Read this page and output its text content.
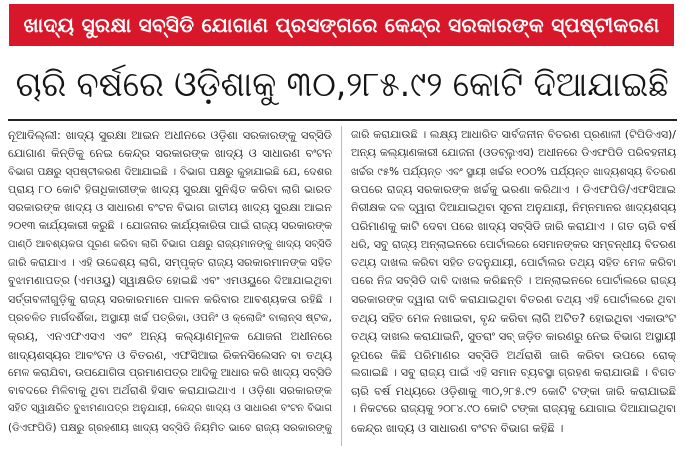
ଖାଦ୍ୟ ସୁରକ୍ଷା ସବ୍‌ସିଡି ଯୋଗାଣ ପ୍ରସଙ୍ଗରେ କେନ୍ଦ୍ର ସରକାରଙ୍କ ସ୍ପଷ୍ଟୀକରଣ
ଚାରି ବର୍ଷରେ ଓଡ଼ିଶାକୁ ୩୦,୨୮୫.୯୨ କୋଟି ଦିଆଯାଇଛି
ନୂଆଦିଲ୍ଲୀ: ଖାଦ୍ୟ ସୁରକ୍ଷା ଆଇନ ଅଧୀନରେ ଓଡ଼ିଶା ସରକାରଙ୍କୁ ସବ୍‌ସିଡି
ଯୋଗାଣ କିନ୍ତିକୁ ନେଇ କେନ୍ଦ୍ର ସରକାରଙ୍କ ଖାଦ୍ୟ ଓ ସାଧାରଣ ବଂଟନ
ବିଭାଗ ପକ୍ଷରୁ ସ୍ପଷ୍ଟୀକରଣ ଦିଆଯାଇଛି । ବିଭାଗ ପକ୍ଷରୁ କୁହାଯାଇଛି ଯେ, ଦେଶର
ପ୍ରାୟ ୮୦ କୋଟି ହିତାଧିକାରୀଙ୍କ ଖାଦ୍ୟ ସୁରକ୍ଷା ସୁନିଶ୍ଚିତ କରିବା ଲାଗି ଭାରତ
ସରକାରଙ୍କ ଖାଦ୍ୟ ଓ ସାଧାରଣ ବଂଟନ ବିଭାଗ ଜାତୀୟ ଖାଦ୍ୟ ସୁରକ୍ଷା ଆଇନ
୨୦୧୩ କାର୍ଯ୍ୟକାରୀ କରୁଛି । ଯୋଜନାର କାର୍ଯ୍ୟକାରିତା ପାଇଁ ରାଜ୍ୟ ସରକାରଙ୍କ
ପାଣ୍ଠି ଆବଶ୍ୟକତା ପୂରଣ କରିବା ଲାଗି ବିଭାଗ ପକ୍ଷରୁ ରାଜ୍ୟମାନଙ୍କୁ ଖାଦ୍ୟ ସବ୍‌ସିଡି
ଜାରି କରାଯାଏ । ଏହି ଉଦ୍ଦେଶ୍ୟ ଲାଗି, ସମ୍ପୃକ୍ତ ରାଜ୍ୟ ସରକାରମାନଙ୍କ ସହିତ
ବୁଝାମଣାପତ୍ର (ଏମଓୟୁ) ସ୍ୱାକ୍ଷରିତ ହୋଇଛି ଏବଂ ଏମଓୟୁରେ ଦିଆଯାଇଥିବା
ସର୍ତ୍ତାବଳୀଗୁଡ଼ିକୁ ରାଜ୍ୟ ସରକାରମାନେ ପାଳନ କରିବାର ଆବଶ୍ୟକତା ରହିଛି ।
ପ୍ରଚଳିତ ମାର୍ଗଦର୍ଶିକା, ଅସ୍ଥାୟୀ ଖର୍ଚ୍ଚ ପତ୍ରିକା, ଓପନିଂ ଓ କ୍ଲୋଜିଂ ବାଲାନ୍ସ ଷ୍ଟକ,
କ୍ରୟ, ଏନଏଫଏସଏ ଏବଂ ଅନ୍ୟ କଲ୍ୟାଣମୂଳକ ଯୋଜନା ଅଧୀନରେ
ଖାଦ୍ୟଶସ୍ୟର ଆବଂଟନ ଓ ବିତରଣ, ଏଫସିଆଇ ରିକନସିଲେସନ ବା ତଥ୍ୟ
ମେଳ କରାଯିବା, ଉପଯୋଗିତା ପ୍ରମାଣପତ୍ର ଆଦିକୁ ଆଧାର କରି ଖାଦ୍ୟ ସବ୍‌ସିଡି
ବାବଦରେ ମିଳିବାକୁ ଥିବା ଅର୍ଥରାଶି ହିସାବ କରାଯାଇଥାଏ । ଓଡ଼ିଶା ସରକାରଙ୍କ
ସହିତ ସ୍ୱାକ୍ଷରିତ ବୁଝାମଣାପତ୍ର ଅନୁଯାୟୀ, କେନ୍ଦ୍ର ଖାଦ୍ୟ ଓ ସାଧାରଣ ବଂଟନ ବିଭାଗ
(ଡିଏଫପିଡି) ପକ୍ଷରୁ ଗ୍ରହଣୀୟ ଖାଦ୍ୟ ସବ୍‌ସିଡି ନିୟମିତ ଭାବେ ରାଜ୍ୟ ସରକାରଙ୍କୁ
ଜାରି କରାଯାଉଛି । ଲକ୍ଷ୍ୟ ଆଧାରିତ ସାର୍ବଜନୀନ ବିତରଣ ପ୍ରଣାଳୀ (ଟିପିଡିଏସ)/
ଅନ୍ୟ କଲ୍ୟାଣକାରୀ ଯୋଜନା (ଓଡବ୍ଲୁଏସ) ଅଧୀନରେ ଡିଏଫପିଡି ପରିବହନୀୟ
ଖର୍ଚ୍ଚର ୯୫% ପର୍ଯ୍ୟନ୍ତ ଏବଂ ସ୍ଥାୟୀ ଖର୍ଚ୍ଚର ୧୦୦% ପର୍ଯ୍ୟନ୍ତ ଖାଦ୍ୟଶସ୍ୟ ବିତରଣ
ଉପରେ ରାଜ୍ୟ ସରକାରଙ୍କ ଖର୍ଚ୍ଚକୁ ଭରଣା କରିଥାଏ । ଡିଏଫପିଡି/ଏଫସିଆଇ
ନିରୀକ୍ଷକ ଦଳ ଦ୍ୱାରା ଦିଆଯାଇଥିବା ସୂଚନା ଅନୁଯାୟୀ, ନିମ୍ନମାନର ଖାଦ୍ୟଶସ୍ୟ
ପରିମାଣକୁ କାଟି ଦେବା ପରେ ଖାଦ୍ୟ ସବ୍‌ସିଡି ଜାରି କରାଯାଏ । ଗତ ଚାରି ବର୍ଷ
ଧରି, ସବୁ ରାଜ୍ୟ ଅନ୍‌ଲାଇନରେ ପୋର୍ଟାଲରେ ସେମାନଙ୍କର ସମ୍ବନ୍ଧୀୟ ବିତରଣ
ତଥ୍ୟ ଦାଖଲ କରିବା ସହିତ ତଦନୁଯାୟୀ, ପୋର୍ଟାଲର ତଥ୍ୟ ସହିତ ମେଳ କରିବା
ପରେ ନିଜ ସବ୍‌ସିଡି ଦାବି ଦାଖଲ କରିଛନ୍ତି । ଅନ୍‌ଲାଇନରେ ପୋର୍ଟାଲରେ ରାଜ୍ୟ
ସରକାରଙ୍କ ଦ୍ୱାରା ଦାବି କରାଯାଇଥିବା ବିତରଣ ତଥ୍ୟ ଏହି ପୋର୍ଟାଲରେ ଥିବା
ତଥ୍ୟ ସହିତ ମେଳ ନଖାଇବା, ବୃନ୍ଦ କରିବା ଲାଗି ଅଟିତ? ହୋଇଥିବା ଏକାଉଂଟ
ତଥ୍ୟ ଦାଖଲ କରାଯାଇନି, ସୁତରାଂ ସବ୍‌ ଜଡ଼ିତ କାରଣରୁ ନେଇ ବିଭାଗ ଅସ୍ଥାୟୀ
ରୂପରେ କିଛି ପରିମାଣର ସବ୍‌ସିଡି ଅର୍ଥରାଶି ଜାରି କରିବା ଉପରେ ରୋକ୍
ଲଗାଇଛି । ସବୁ ରାଜ୍ୟ ପାଇଁ ଏହି ସମାନ ବ୍ୟବସ୍ଥା ଗ୍ରହଣ କରାଯାଉଛି । ବିଗତ
ଚାରି ବର୍ଷ ମଧ୍ୟରେ ଓଡ଼ିଶାକୁ ୩୦,୨୮୫.୯୨ କୋଟି ଟଙ୍କା ଜାରି କରାଯାଇଛି
। ନିକଟରେ ରାଜ୍ୟକୁ ୨୦୮୪.୯୦ କୋଟି ଟଙ୍କା ରାଜ୍ୟକୁ ଯୋଗାଇ ଦିଆଯାଇଥିବା
କେନ୍ଦ୍ର ଖାଦ୍ୟ ଓ ସାଧାରଣ ବଂଟନ ବିଭାଗ କହିଛି ।
